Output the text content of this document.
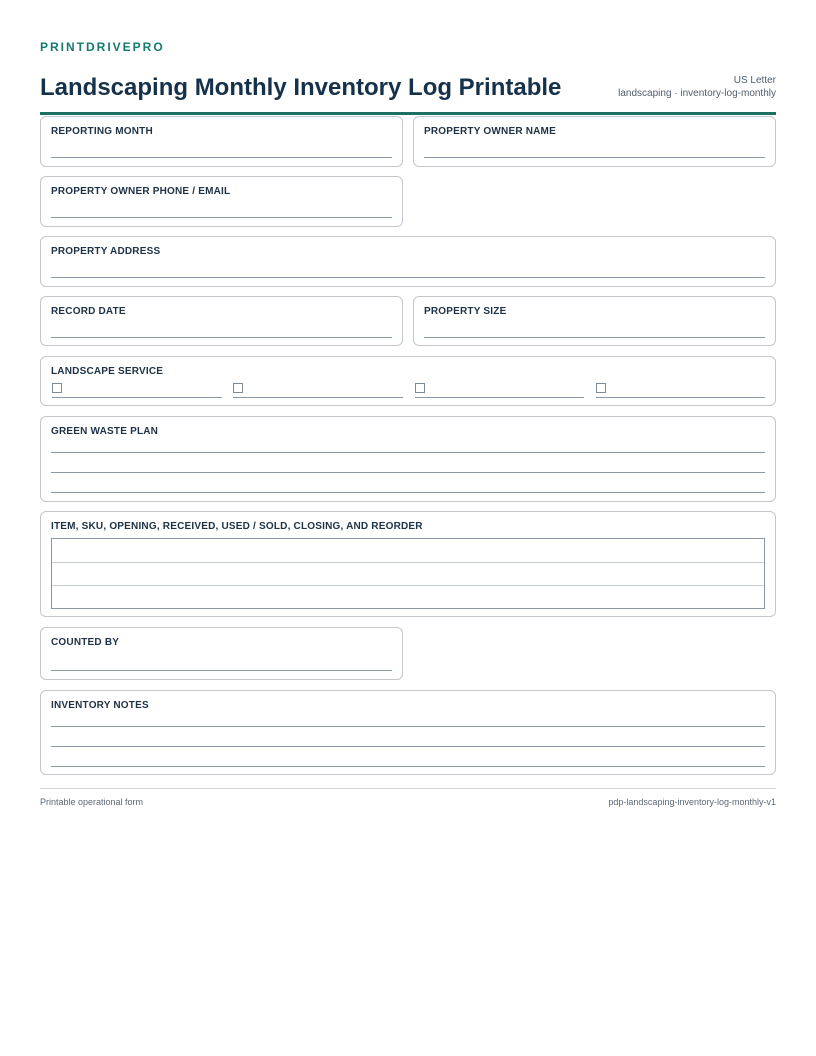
PRINTDRIVEPRO

Landscaping Monthly Inventory Log Printable	US Letter
landscaping · inventory-log-monthly
REPORTING MONTH	PROPERTY OWNER NAME
PROPERTY OWNER PHONE / EMAIL
PROPERTY ADDRESS
RECORD DATE	PROPERTY SIZE
LANDSCAPE SERVICE
GREEN WASTE PLAN
ITEM, SKU, OPENING, RECEIVED, USED / SOLD, CLOSING, AND REORDER
COUNTED BY
INVENTORY NOTES
Printable operational form	pdp-landscaping-inventory-log-monthly-v1
